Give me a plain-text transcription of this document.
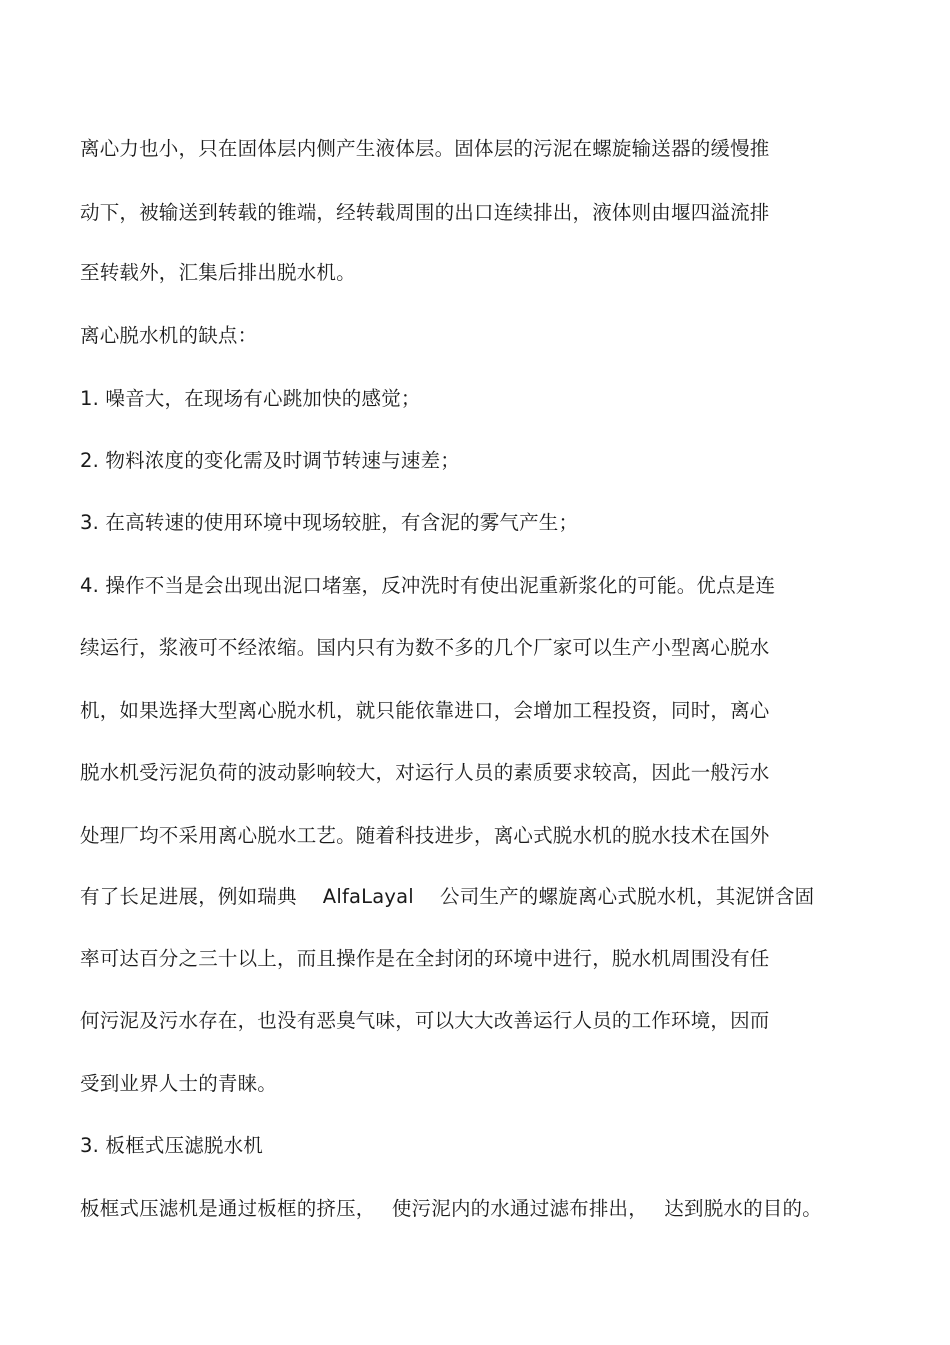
离心力也小，只在固体层内侧产生液体层。固体层的污泥在螺旋输送器的缓慢推
动下，被输送到转载的锥端，经转载周围的出口连续排出，液体则由堰四溢流排
至转载外，汇集后排出脱水机。
离心脱水机的缺点：
1. 噪音大，在现场有心跳加快的感觉；
2. 物料浓度的变化需及时调节转速与速差；
3. 在高转速的使用环境中现场较脏，有含泥的雾气产生；
4. 操作不当是会出现出泥口堵塞，反冲洗时有使出泥重新浆化的可能。优点是连
续运行，浆液可不经浓缩。国内只有为数不多的几个厂家可以生产小型离心脱水
机，如果选择大型离心脱水机，就只能依靠进口，会增加工程投资，同时，离心
脱水机受污泥负荷的波动影响较大，对运行人员的素质要求较高，因此一般污水
处理厂均不采用离心脱水工艺。随着科技进步，离心式脱水机的脱水技术在国外
有了长足进展，例如瑞典　 AlfaLayal　 公司生产的螺旋离心式脱水机，其泥饼含固
率可达百分之三十以上，而且操作是在全封闭的环境中进行，脱水机周围没有任
何污泥及污水存在，也没有恶臭气味，可以大大改善运行人员的工作环境，因而
受到业界人士的青睐。
3. 板框式压滤脱水机
板框式压滤机是通过板框的挤压，　 使污泥内的水通过滤布排出，　 达到脱水的目的。
